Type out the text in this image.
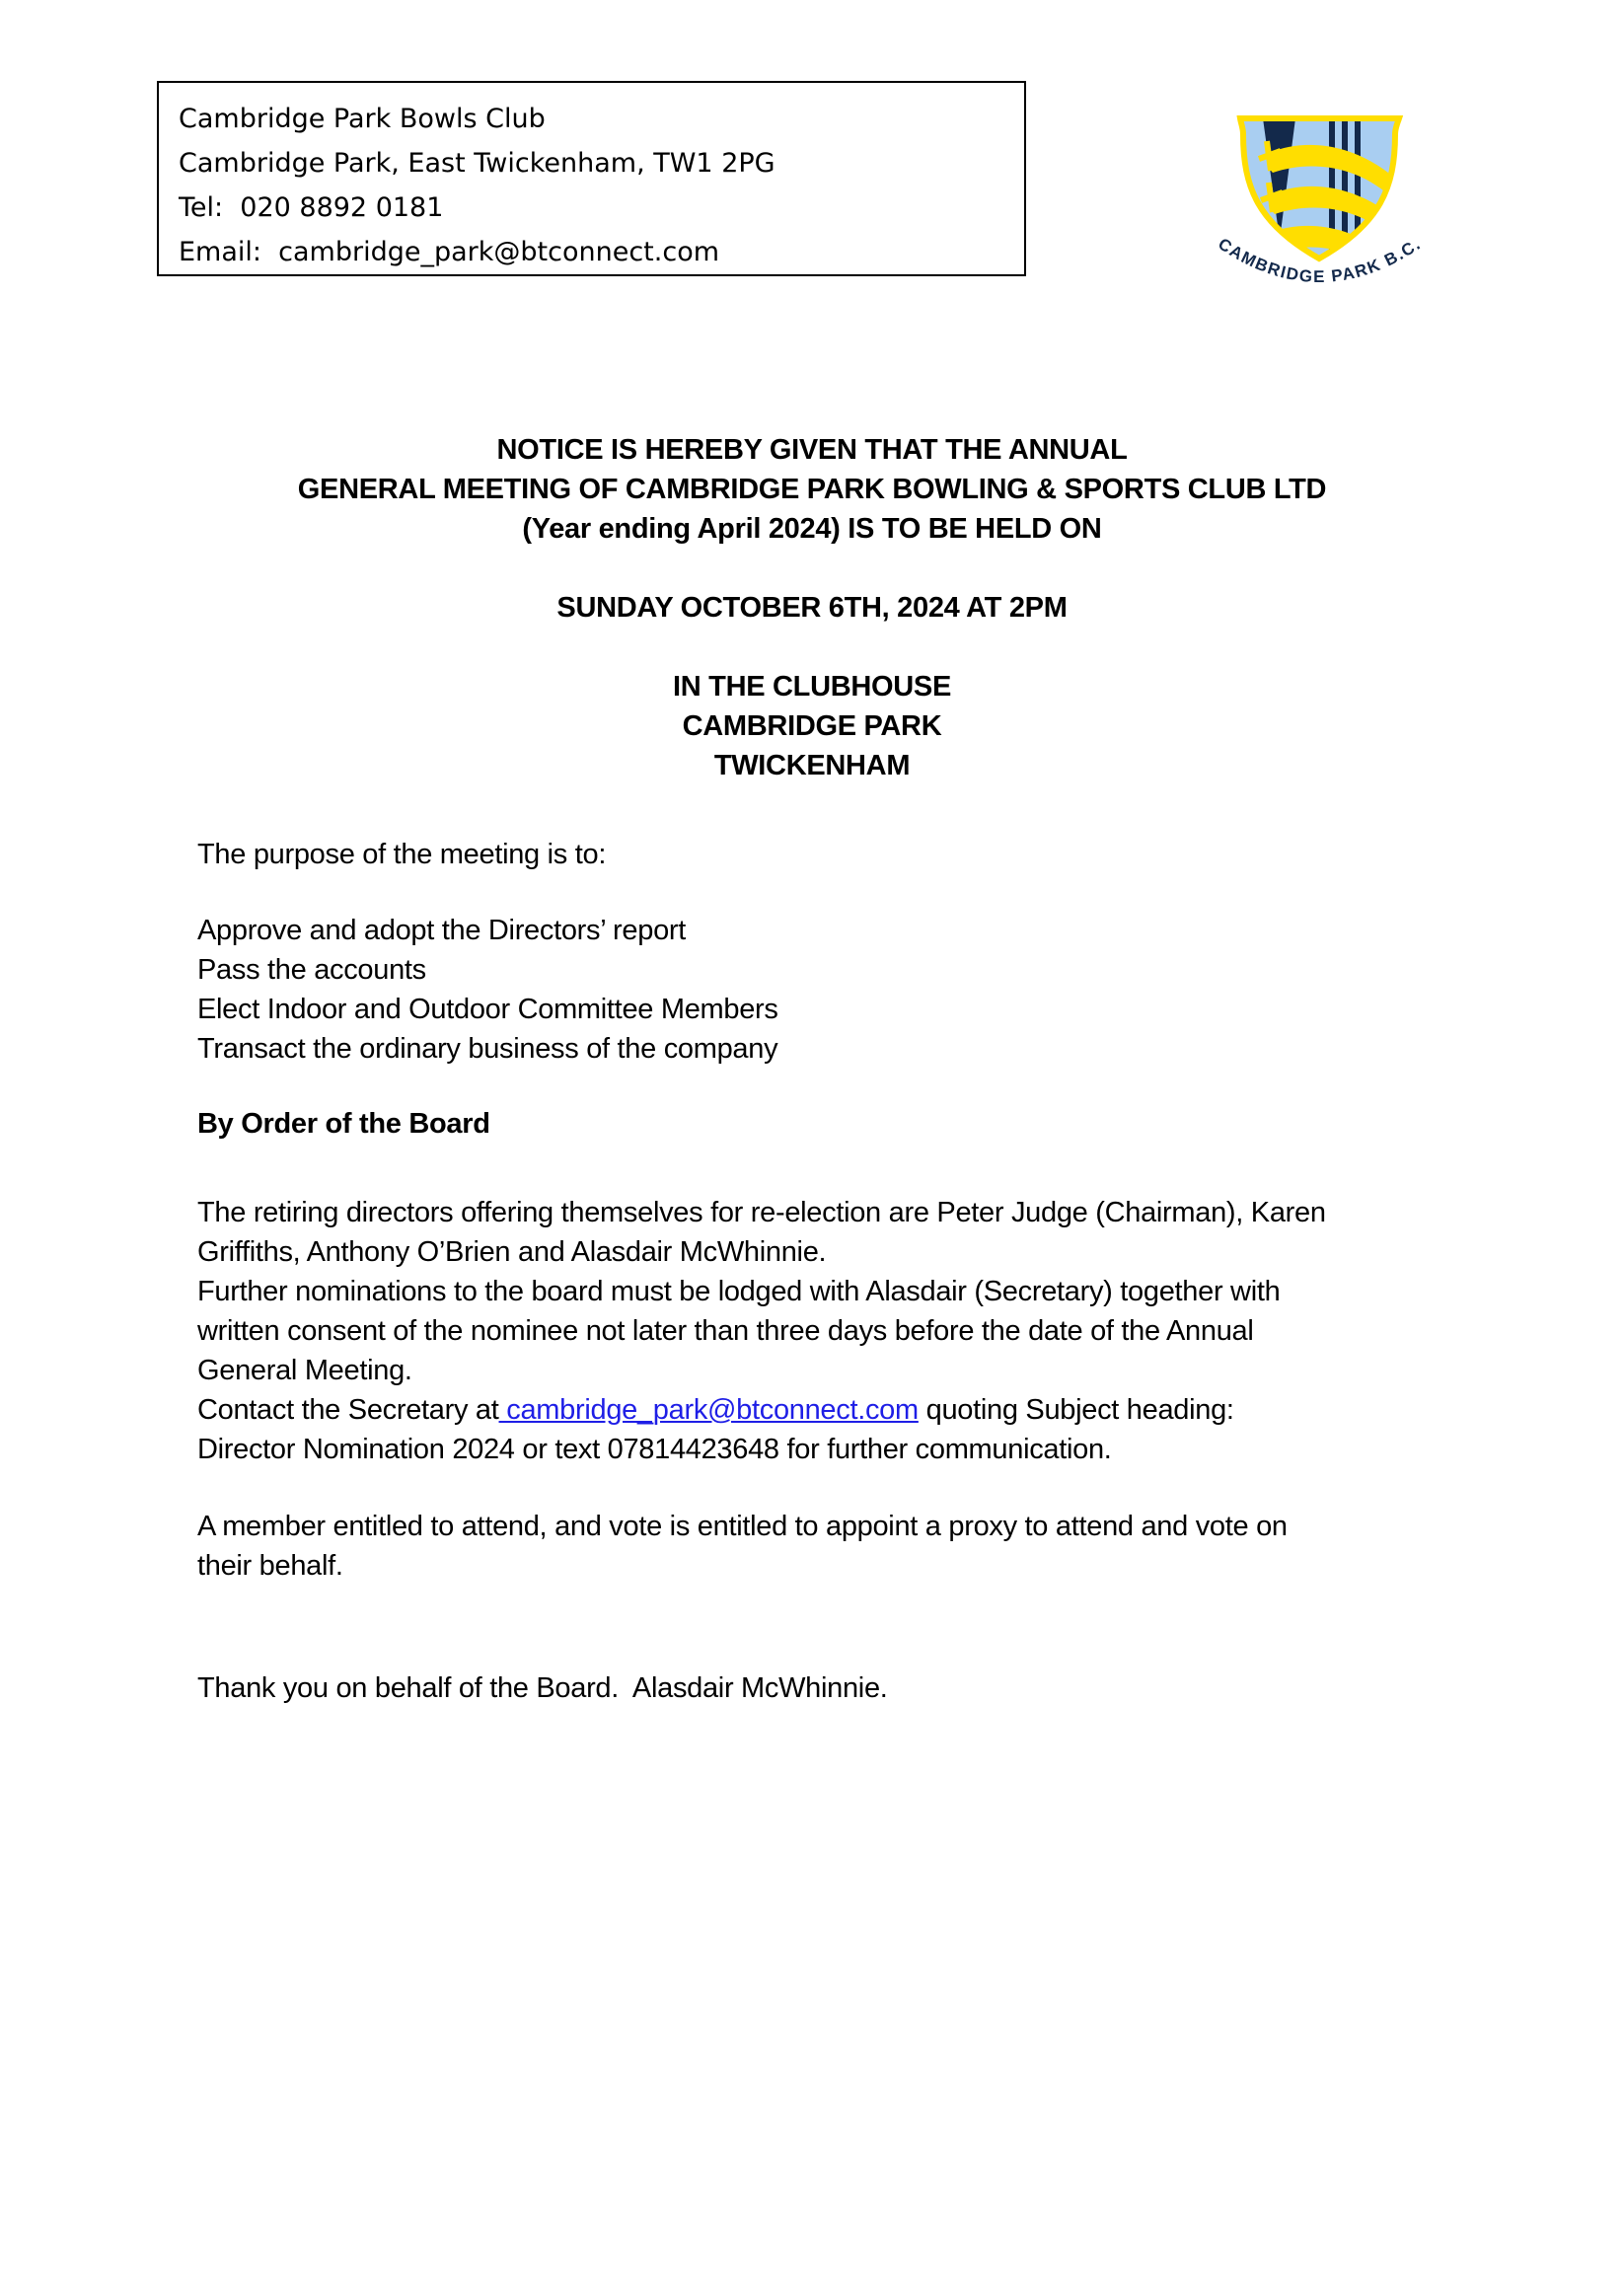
Cambridge Park Bowls Club
Cambridge Park, East Twickenham, TW1 2PG
Tel:  020 8892 0181
Email:  cambridge_park@btconnect.com	CAMBRIDGE PARK B.C.
NOTICE IS HEREBY GIVEN THAT THE ANNUAL
GENERAL MEETING OF CAMBRIDGE PARK BOWLING & SPORTS CLUB LTD
(Year ending April 2024) IS TO BE HELD ON
SUNDAY OCTOBER 6TH, 2024 AT 2PM
IN THE CLUBHOUSE
CAMBRIDGE PARK
TWICKENHAM
The purpose of the meeting is to:
Approve and adopt the Directors’ report
Pass the accounts
Elect Indoor and Outdoor Committee Members
Transact the ordinary business of the company
By Order of the Board
The retiring directors offering themselves for re-election are Peter Judge (Chairman), Karen
Griffiths, Anthony O’Brien and Alasdair McWhinnie.
Further nominations to the board must be lodged with Alasdair (Secretary) together with
written consent of the nominee not later than three days before the date of the Annual
General Meeting.
Contact the Secretary at cambridge_park@btconnect.com quoting Subject heading:
Director Nomination 2024 or text 07814423648 for further communication.
A member entitled to attend, and vote is entitled to appoint a proxy to attend and vote on
their behalf.
Thank you on behalf of the Board.  Alasdair McWhinnie.
